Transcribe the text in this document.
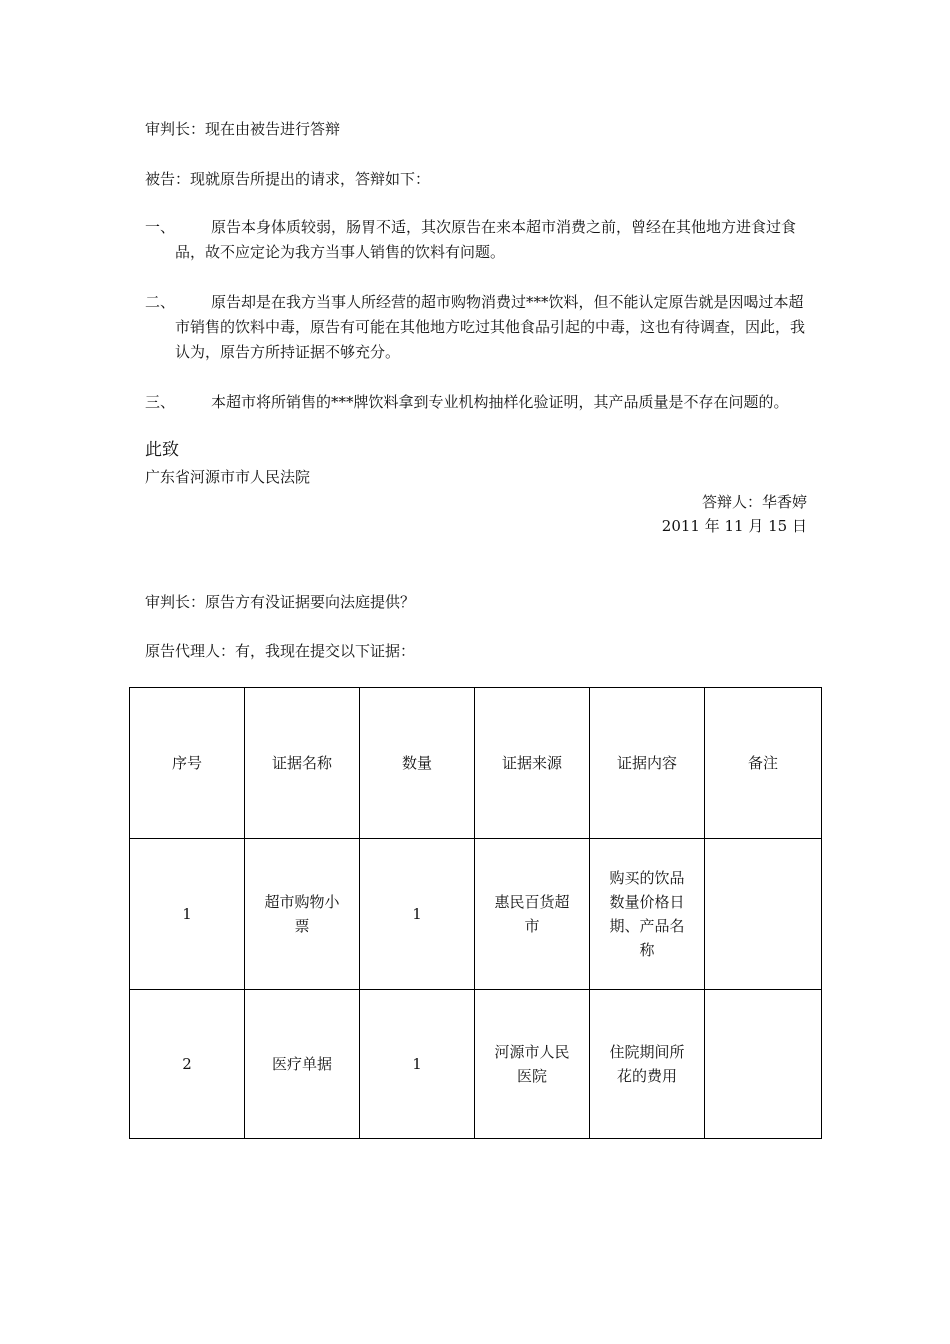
审判长：现在由被告进行答辩
被告：现就原告所提出的请求，答辩如下：
一、	原告本身体质较弱，肠胃不适，其次原告在来本超市消费之前，曾经在其他地方进食过食品，故不应定论为我方当事人销售的饮料有问题。
二、	原告却是在我方当事人所经营的超市购物消费过***饮料，但不能认定原告就是因喝过本超市销售的饮料中毒，原告有可能在其他地方吃过其他食品引起的中毒，这也有待调查，因此，我认为，原告方所持证据不够充分。
三、	本超市将所销售的***牌饮料拿到专业机构抽样化验证明，其产品质量是不存在问题的。
此致
广东省河源市市人民法院
答辩人：华香婷
2011 年 11 月 15 日
审判长：原告方有没证据要向法庭提供？
原告代理人：有，我现在提交以下证据：
序号	证据名称	数量	证据来源	证据内容	备注
1	超市购物小票	1	惠民百货超市	购买的饮品数量价格日期、产品名称	
2	医疗单据	1	河源市人民医院	住院期间所花的费用	
